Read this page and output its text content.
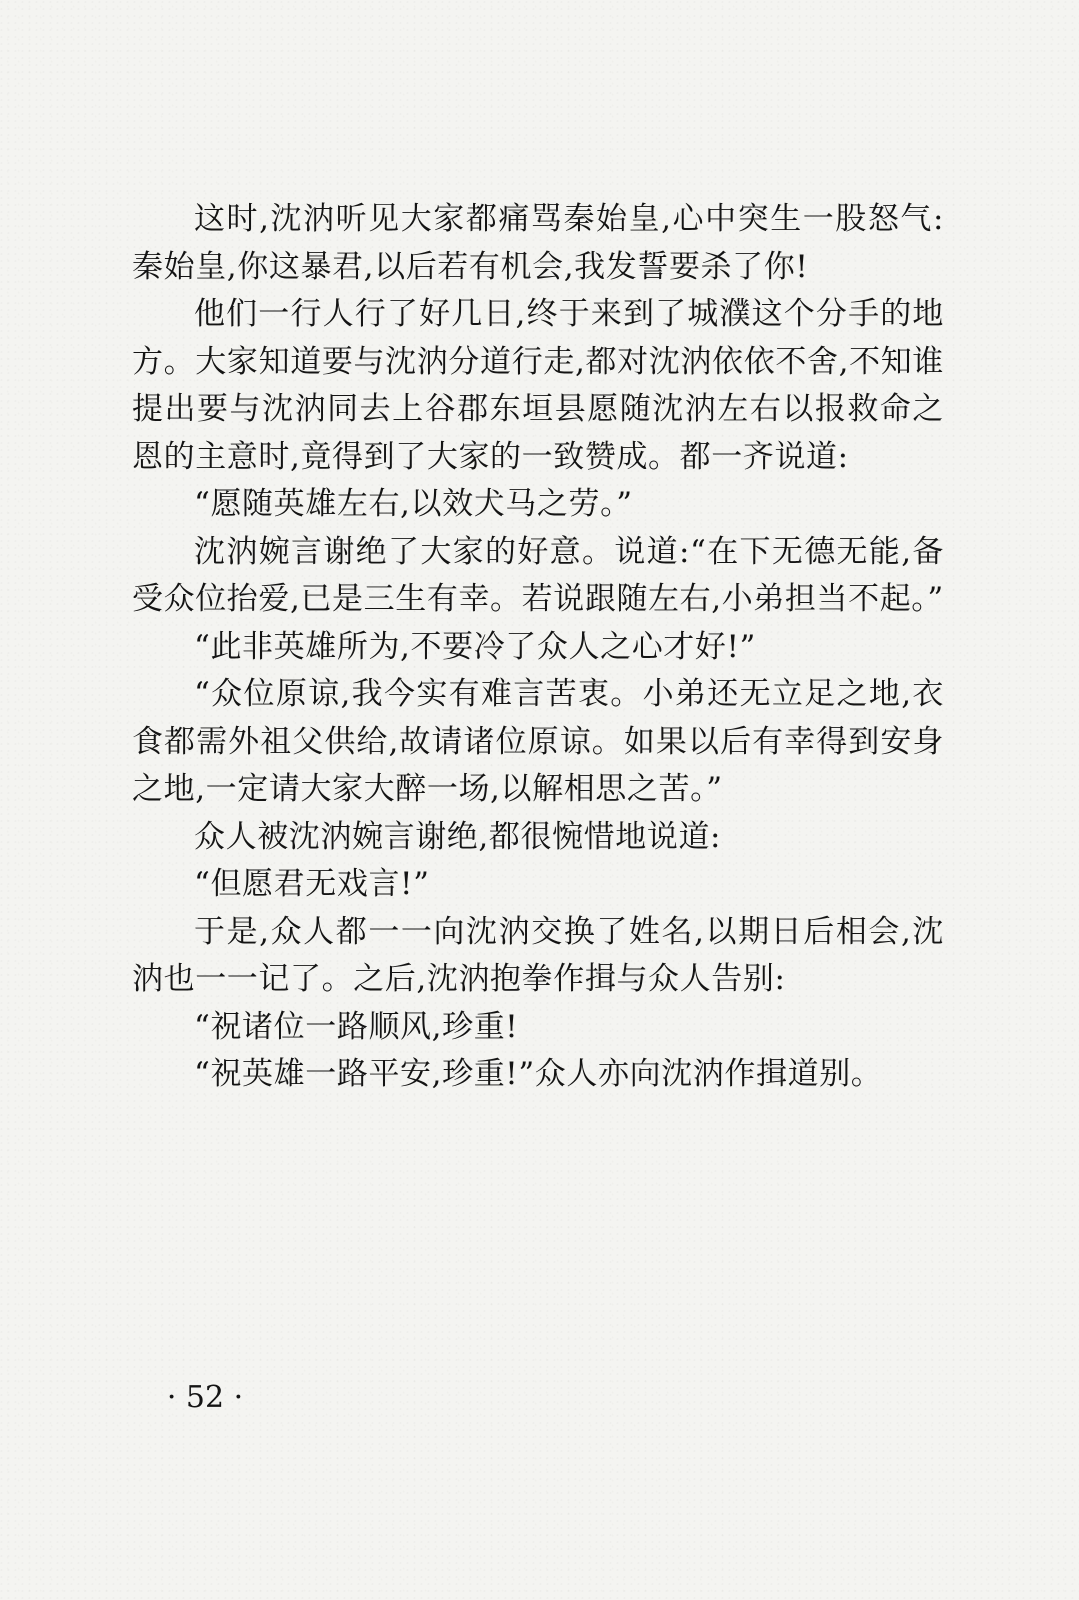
这时,沈汭听见大家都痛骂秦始皇,心中突生一股怒气:秦始皇,你这暴君,以后若有机会,我发誓要杀了你!

他们一行人行了好几日,终于来到了城濮这个分手的地方。大家知道要与沈汭分道行走,都对沈汭依依不舍,不知谁提出要与沈汭同去上谷郡东垣县愿随沈汭左右以报救命之恩的主意时,竟得到了大家的一致赞成。都一齐说道:

“愿随英雄左右,以效犬马之劳。”

沈汭婉言谢绝了大家的好意。说道:“在下无德无能,备受众位抬爱,已是三生有幸。若说跟随左右,小弟担当不起。”

“此非英雄所为,不要冷了众人之心才好!”

“众位原谅,我今实有难言苦衷。小弟还无立足之地,衣食都需外祖父供给,故请诸位原谅。如果以后有幸得到安身之地,一定请大家大醉一场,以解相思之苦。”

众人被沈汭婉言谢绝,都很惋惜地说道:

“但愿君无戏言!”

于是,众人都一一向沈汭交换了姓名,以期日后相会,沈汭也一一记了。之后,沈汭抱拳作揖与众人告别:

“祝诸位一路顺风,珍重!

“祝英雄一路平安,珍重!”众人亦向沈汭作揖道别。

· 52 ·
